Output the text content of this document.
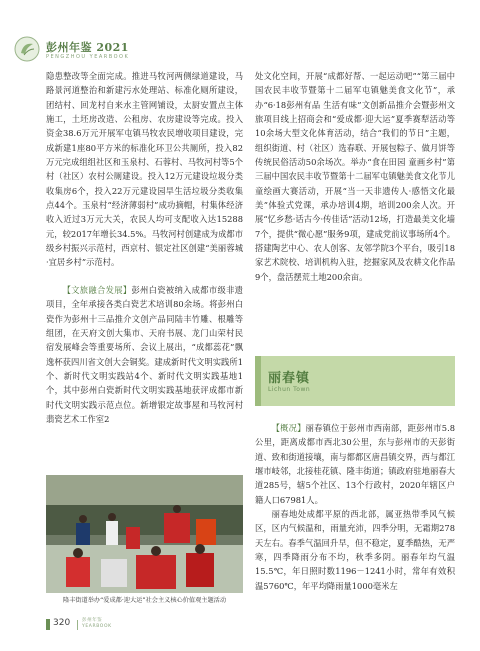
彭州年鉴 2021
PENGZHOU YEARBOOK

隐患整改等全面完成。推进马牧河两侧绿道建设，马路景河道整治和新建污水处理站、标准化厕所建设，团结村、回龙村自来水主管网铺设，太厨安置点主体施工，土坯房改造、公租房、农房建设等完成。投入资金38.6万元开展军屯镇马牧农民增收项目建设，完成新建1座80平方米的标准化环卫公共厕所，投入82万元完成组组社区和玉泉村、石蓉村、马牧河村等5个村（社区）农村公厕建设。投入12万元建设垃圾分类收集房6个，投入22万元建设园旱生活垃圾分类收集点44个。玉泉村“经济薄弱村”成功摘帽，村集体经济收入近过3万元大关，农民人均可支配收入达15288元，较2017年增长34.5%。马牧河村创建成为成都市级乡村振兴示范村，西京村、银定社区创建“美丽蓉城·宜居乡村”示范村。

【文旅融合发展】彭州白瓷被纳入成都市级非遗项目，全年承接各类白瓷艺术培训80余场。将彭州白瓷作为彭州十三品推介文创产品同陆丰竹雕、根雕等组团，在天府文创大集市、天府书展、龙门山荣村民宿发展峰会等重要场所、会议上展出，“成都蕊花”飘逸杯获四川省文创大会铜奖。建成新时代文明实践所1个、新时代文明实践站4个、新时代文明实践基地1个，其中彭州白瓷新时代文明实践基地获评成都市新时代文明实践示范点位。新增银定故事屋和马牧河村翡瓷艺术工作室2

隆丰街道举办“爱成都·迎大运”社会主义核心价值观主题活动

处文化空间，开展“成都好帮、一起运动吧”“第三届中国农民丰收节暨第十二届军屯镇魅美食文化节”，承办“6·18彭州有品 生活有味”文创新品推介会暨彭州文旅项目线上招商会和“爱成都·迎大运”夏季赛犁活动等10余场大型文化体育活动，结合“我们的节日”主题，组织街道、村（社区）选春联、开展包粽子、做月饼等传统民俗活动50余场次。举办“食在田园 童画乡村”第三届中国农民丰收节暨第十二届军屯镇魅美食文化节儿童绘画大赛活动，开展“当一天非遗传人·感悟文化最美”体验式党课，承办培训4期，培训200余人次。开展“忆乡愁·话古今·传佳话”活动12场，打造最美文化墙7个，提供“微心愿”服务9项，建成党前议事场所4个。搭建陶艺中心、农人创客、友邻学院3个平台，吸引18家艺术院校、培训机构入驻，挖掘家风及农耕文化作品9个，盘活摆荒土地200余亩。

丽春镇
Lichun Town

【概况】丽春镇位于彭州市西南部，距彭州市5.8公里，距离成都市西北30公里，东与彭州市的天彭街道、致和街道接壤，南与都都区唐昌镇交界，西与都江堰市岐邻，北接桂花镇、隆丰街道；镇政府驻地丽春大道285号，辖5个社区、13个行政村，2020年辖区户籍人口67981人。

丽春地处成都平原的西北部，属亚热带季风气候区，区内气候温和，雨量充沛，四季分明，无霜期278天左右。春季气温回升早，但不稳定，夏季酷热，无严寒，四季降雨分布不均，秋季多阴。丽春年均气温15.5℃，年日照时数1196－1241小时，常年有效积温5760℃，年平均降雨量1000毫米左

320	彭州年鉴
YEARBOOK
